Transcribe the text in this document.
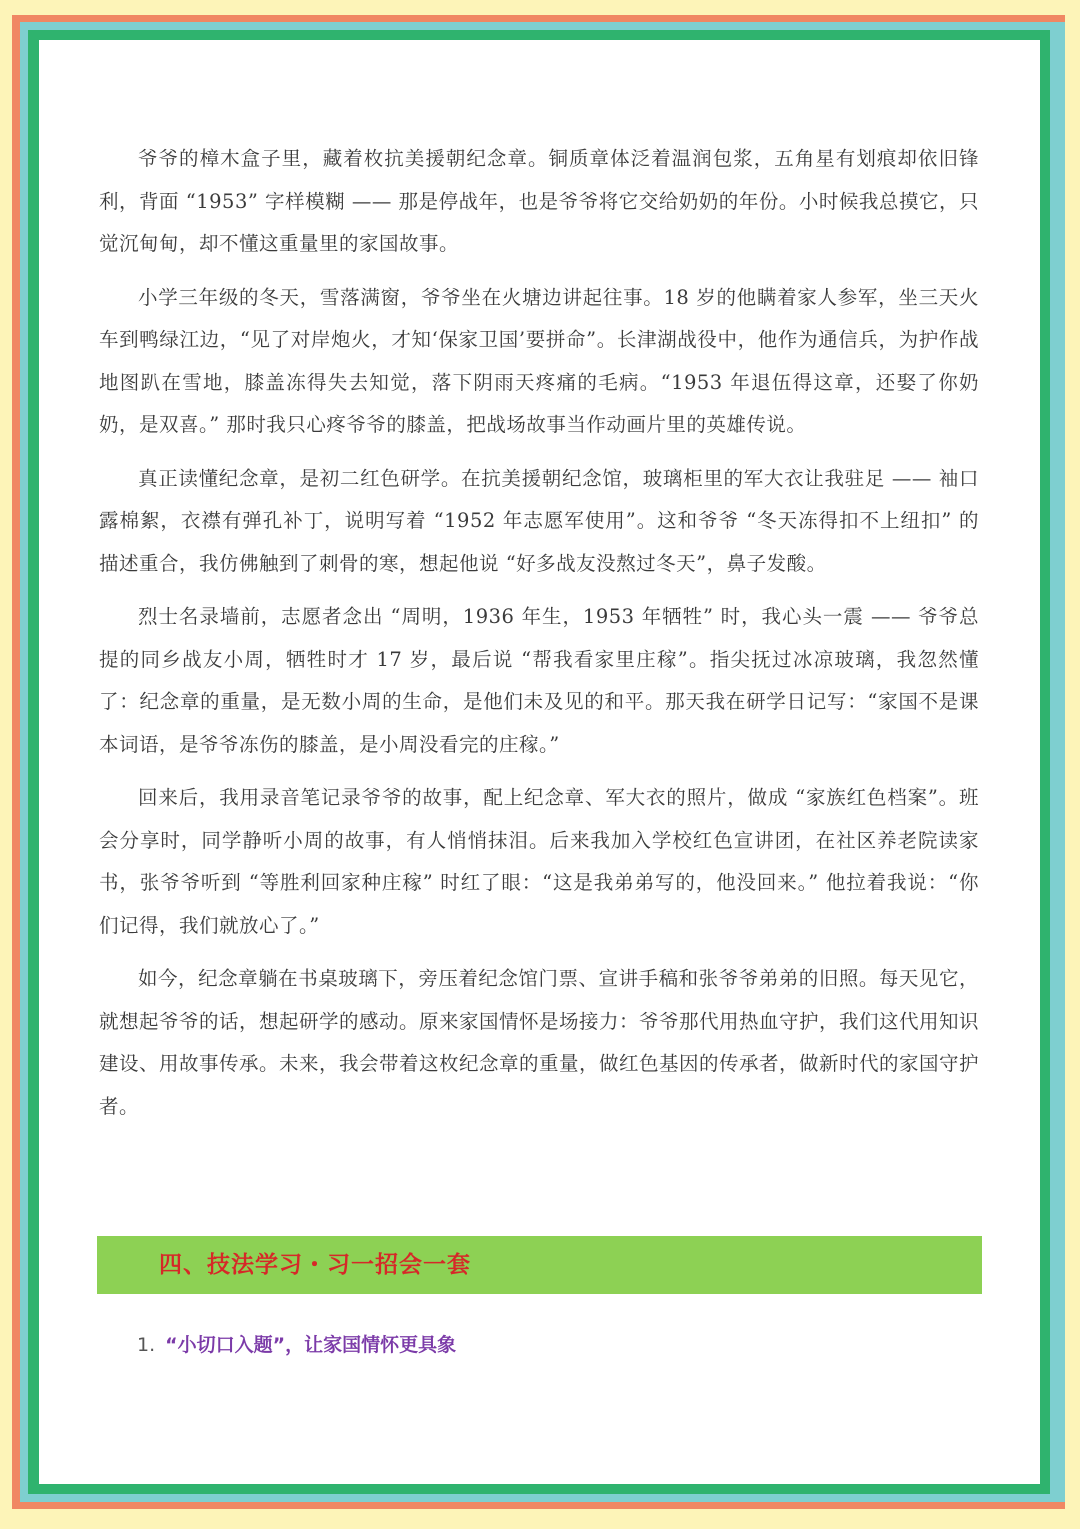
爷爷的樟木盒子里，藏着枚抗美援朝纪念章。铜质章体泛着温润包浆，五角星有划痕却依旧锋利，背面 “1953” 字样模糊 —— 那是停战年，也是爷爷将它交给奶奶的年份。小时候我总摸它，只觉沉甸甸，却不懂这重量里的家国故事。

小学三年级的冬天，雪落满窗，爷爷坐在火塘边讲起往事。18 岁的他瞒着家人参军，坐三天火车到鸭绿江边，“见了对岸炮火，才知‘保家卫国’要拼命”。长津湖战役中，他作为通信兵，为护作战地图趴在雪地，膝盖冻得失去知觉，落下阴雨天疼痛的毛病。“1953 年退伍得这章，还娶了你奶奶，是双喜。” 那时我只心疼爷爷的膝盖，把战场故事当作动画片里的英雄传说。

真正读懂纪念章，是初二红色研学。在抗美援朝纪念馆，玻璃柜里的军大衣让我驻足 —— 袖口露棉絮，衣襟有弹孔补丁，说明写着 “1952 年志愿军使用”。这和爷爷 “冬天冻得扣不上纽扣” 的描述重合，我仿佛触到了刺骨的寒，想起他说 “好多战友没熬过冬天”，鼻子发酸。

烈士名录墙前，志愿者念出 “周明，1936 年生，1953 年牺牲” 时，我心头一震 —— 爷爷总提的同乡战友小周，牺牲时才 17 岁，最后说 “帮我看家里庄稼”。指尖抚过冰凉玻璃，我忽然懂了：纪念章的重量，是无数小周的生命，是他们未及见的和平。那天我在研学日记写：“家国不是课本词语，是爷爷冻伤的膝盖，是小周没看完的庄稼。”

回来后，我用录音笔记录爷爷的故事，配上纪念章、军大衣的照片，做成 “家族红色档案”。班会分享时，同学静听小周的故事，有人悄悄抹泪。后来我加入学校红色宣讲团，在社区养老院读家书，张爷爷听到 “等胜利回家种庄稼” 时红了眼：“这是我弟弟写的，他没回来。” 他拉着我说：“你们记得，我们就放心了。”

如今，纪念章躺在书桌玻璃下，旁压着纪念馆门票、宣讲手稿和张爷爷弟弟的旧照。每天见它，就想起爷爷的话，想起研学的感动。原来家国情怀是场接力：爷爷那代用热血守护，我们这代用知识建设、用故事传承。未来，我会带着这枚纪念章的重量，做红色基因的传承者，做新时代的家国守护者。

四、技法学习・习一招会一套
1. “小切口入题”，让家国情怀更具象
